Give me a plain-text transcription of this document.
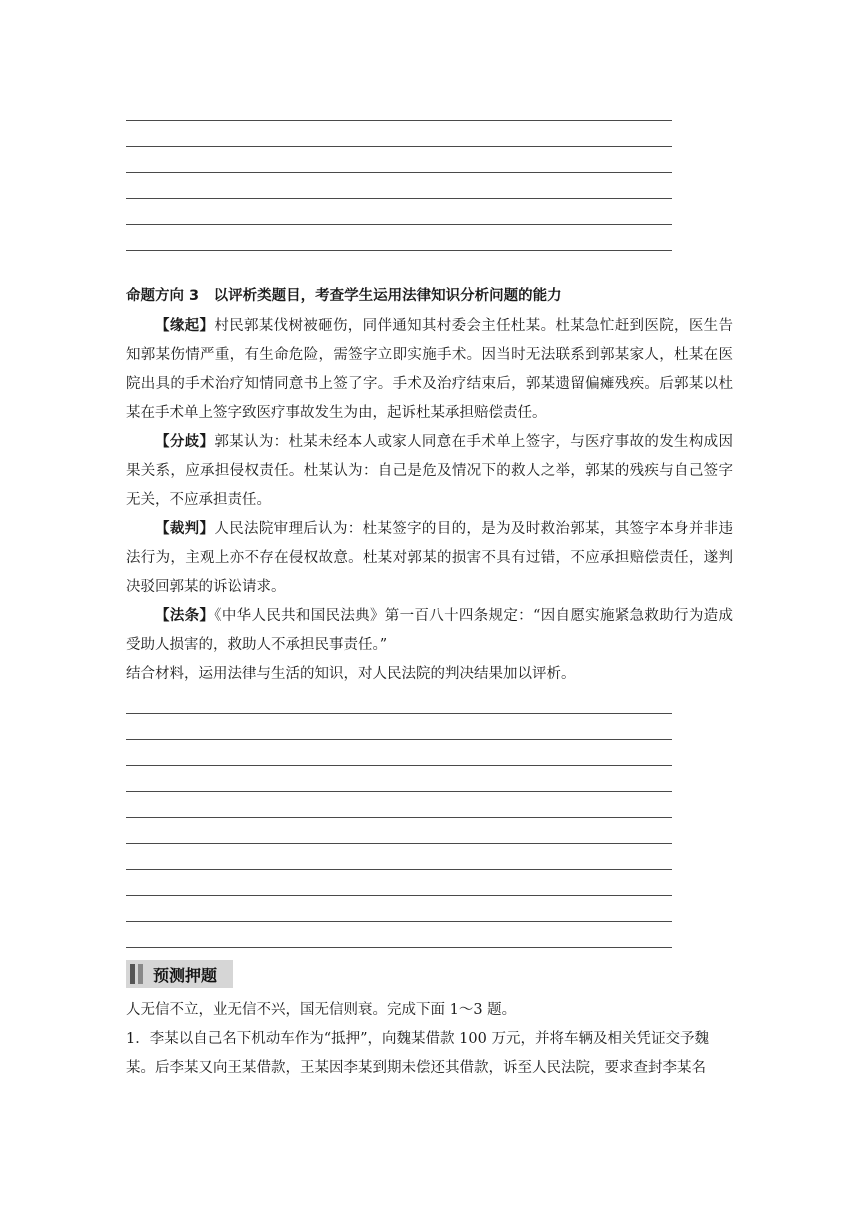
命题方向 3　以评析类题目，考查学生运用法律知识分析问题的能力
【缘起】村民郭某伐树被砸伤，同伴通知其村委会主任杜某。杜某急忙赶到医院，医生告知郭某伤情严重，有生命危险，需签字立即实施手术。因当时无法联系到郭某家人，杜某在医院出具的手术治疗知情同意书上签了字。手术及治疗结束后，郭某遗留偏瘫残疾。后郭某以杜某在手术单上签字致医疗事故发生为由，起诉杜某承担赔偿责任。
【分歧】郭某认为：杜某未经本人或家人同意在手术单上签字，与医疗事故的发生构成因果关系，应承担侵权责任。杜某认为：自己是危及情况下的救人之举，郭某的残疾与自己签字无关，不应承担责任。
【裁判】人民法院审理后认为：杜某签字的目的，是为及时救治郭某，其签字本身并非违法行为，主观上亦不存在侵权故意。杜某对郭某的损害不具有过错，不应承担赔偿责任，遂判决驳回郭某的诉讼请求。
【法条】《中华人民共和国民法典》第一百八十四条规定：“因自愿实施紧急救助行为造成受助人损害的，救助人不承担民事责任。”

结合材料，运用法律与生活的知识，对人民法院的判决结果加以评析。

预测押题

人无信不立，业无信不兴，国无信则衰。完成下面 1～3 题。

1．李某以自己名下机动车作为“抵押”，向魏某借款 100 万元，并将车辆及相关凭证交予魏某。后李某又向王某借款，王某因李某到期未偿还其借款，诉至人民法院，要求查封李某名
